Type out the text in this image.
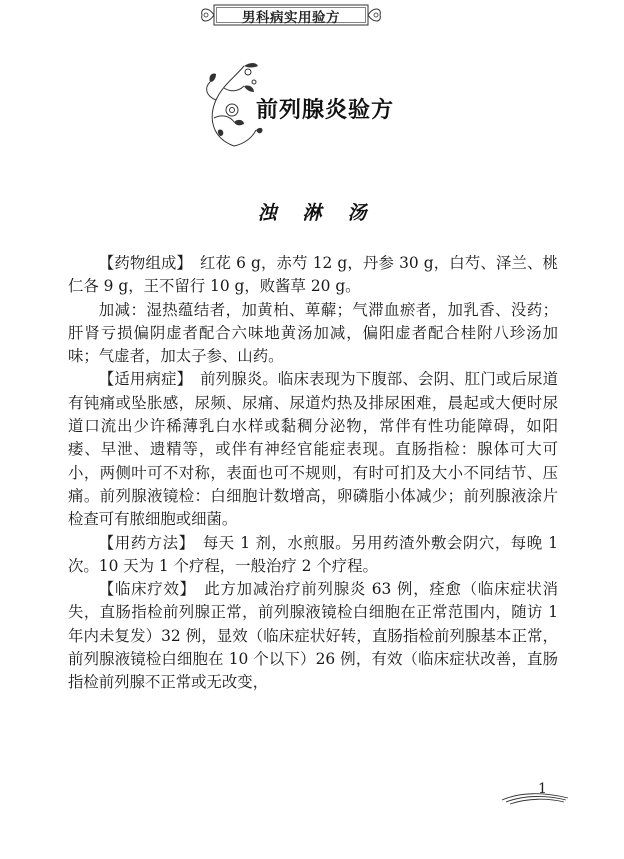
男科病实用验方
前列腺炎验方
浊淋汤

【药物组成】　红花 6 g，赤芍 12 g，丹参 30 g，白芍、泽兰、桃仁各 9 g，王不留行 10 g，败酱草 20 g。

加减：湿热蕴结者，加黄柏、萆薢；气滞血瘀者，加乳香、没药；肝肾亏损偏阴虚者配合六味地黄汤加减，偏阳虚者配合桂附八珍汤加味；气虚者，加太子参、山药。

【适用病症】　前列腺炎。临床表现为下腹部、会阴、肛门或后尿道有钝痛或坠胀感，尿频、尿痛、尿道灼热及排尿困难，晨起或大便时尿道口流出少许稀薄乳白水样或黏稠分泌物，常伴有性功能障碍，如阳痿、早泄、遗精等，或伴有神经官能症表现。直肠指检：腺体可大可小，两侧叶可不对称，表面也可不规则，有时可扪及大小不同结节、压痛。前列腺液镜检：白细胞计数增高，卵磷脂小体减少；前列腺液涂片检查可有脓细胞或细菌。

【用药方法】　每天 1 剂，水煎服。另用药渣外敷会阴穴，每晚 1 次。10 天为 1 个疗程，一般治疗 2 个疗程。

【临床疗效】　此方加减治疗前列腺炎 63 例，痊愈（临床症状消失，直肠指检前列腺正常，前列腺液镜检白细胞在正常范围内，随访 1 年内未复发）32 例，显效（临床症状好转，直肠指检前列腺基本正常，前列腺液镜检白细胞在 10 个以下）26 例，有效（临床症状改善，直肠指检前列腺不正常或无改变，

1
